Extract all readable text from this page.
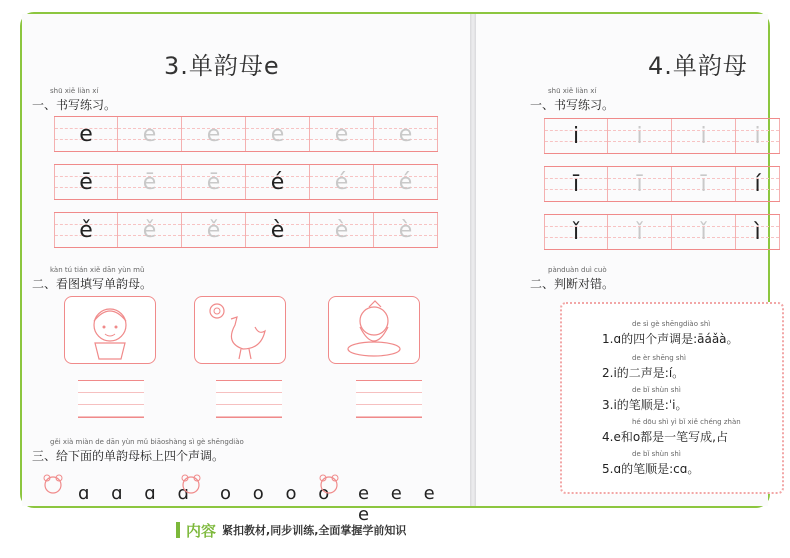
3.单韵母e
shū xiě liàn xí
一、书写练习。
e e e e e e
ē ē ē é é é
ě ě ě è è è
kàn tú tián xiě dān yùn mǔ
二、看图填写单韵母。
gěi xià miàn de dān yùn mǔ biāoshàng sì gè shēngdiào
三、给下面的单韵母标上四个声调。
ɑ ɑ ɑ ɑ o o o o e e e e
4.单韵母
shū xiě liàn xí
一、书写练习。
i	i	i i
ī	ī	ī í
ǐ	ǐ	ǐ ì
pànduàn duì cuò
二、判断对错。
de sì gè shēngdiào shì
1.ɑ的四个声调是:āáǎà。
de èr shēng shì
2.i的二声是:í。
de bǐ shùn shì
3.i的笔顺是:ˈi。
hé dōu shì yì bǐ xiě chéng zhàn
4.e和o都是一笔写成,占
de bǐ shùn shì
5.ɑ的笔顺是:cɑ。
内容 紧扣教材,同步训练,全面掌握学前知识
